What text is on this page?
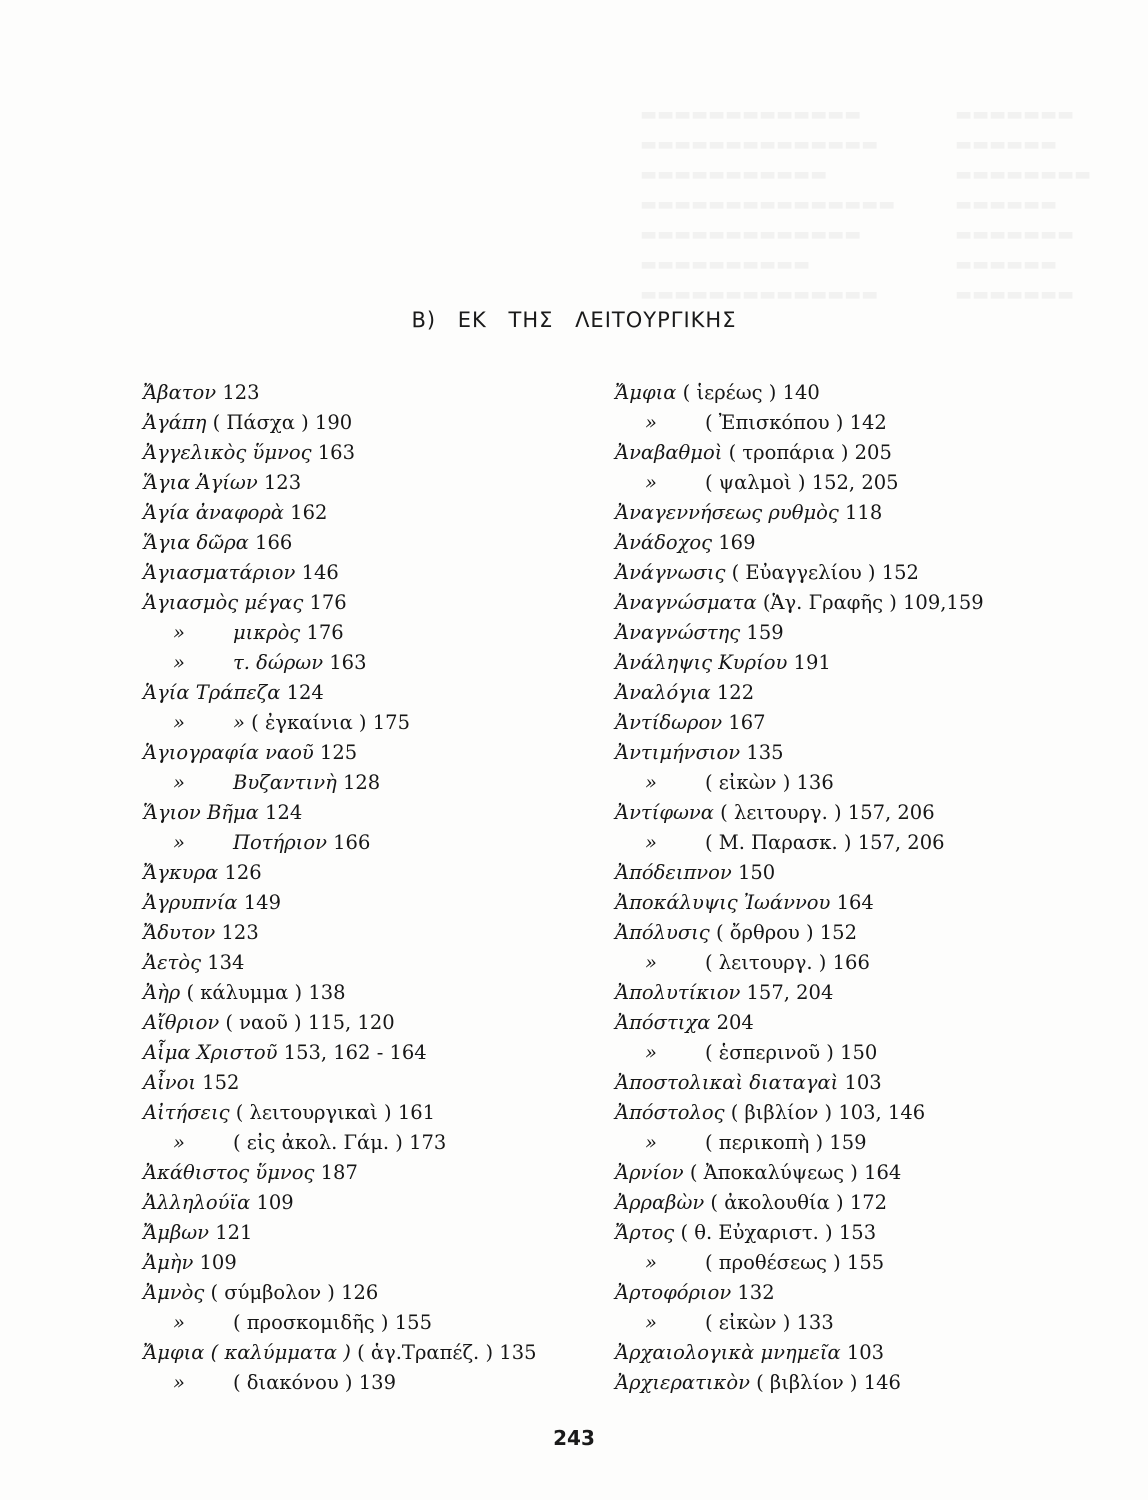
▬▬▬▬▬▬▬▬▬▬▬▬▬
▬▬▬▬▬▬▬▬▬▬▬▬▬▬
▬▬▬▬▬▬▬▬▬▬▬
▬▬▬▬▬▬▬▬▬▬▬▬▬▬▬
▬▬▬▬▬▬▬▬▬▬▬▬▬
▬▬▬▬▬▬▬▬▬▬
▬▬▬▬▬▬▬▬▬▬▬▬▬▬
▬▬▬▬▬▬▬
▬▬▬▬▬▬
▬▬▬▬▬▬▬▬
▬▬▬▬▬▬
▬▬▬▬▬▬▬
▬▬▬▬▬▬
▬▬▬▬▬▬▬
Β) ΕΚ ΤΗΣ ΛΕΙΤΟΥΡΓΙΚΗΣ
Ἄβατον 123
Ἀγάπη ( Πάσχα ) 190
Ἀγγελικὸς ὕμνος 163
Ἅγια Ἁγίων 123
Ἁγία ἀναφορὰ 162
Ἅγια δῶρα 166
Ἁγιασματάριον 146
Ἁγιασμὸς μέγας 176
» μικρὸς 176
» τ. δώρων 163
Ἁγία Τράπεζα 124
» » ( ἐγκαίνια ) 175
Ἁγιογραφία ναοῦ 125
» Βυζαντινὴ 128
Ἅγιον Βῆμα 124
» Ποτήριον 166
Ἄγκυρα 126
Ἀγρυπνία 149
Ἄδυτον 123
Ἀετὸς 134
Ἀὴρ ( κάλυμμα ) 138
Αἴθριον ( ναοῦ ) 115, 120
Αἷμα Χριστοῦ 153, 162 - 164
Αἶνοι 152
Αἰτήσεις ( λειτουργικαὶ ) 161
» ( εἰς ἀκολ. Γάμ. ) 173
Ἀκάθιστος ὕμνος 187
Ἀλληλούϊα 109
Ἄμβων 121
Ἀμὴν 109
Ἀμνὸς ( σύμβολον ) 126
» ( προσκομιδῆς ) 155
Ἄμφια ( καλύμματα ) ( ἁγ.Τραπέζ. ) 135
» ( διακόνου ) 139
Ἄμφια ( ἱερέως ) 140
» ( Ἐπισκόπου ) 142
Ἀναβαθμοὶ ( τροπάρια ) 205
» ( ψαλμοὶ ) 152, 205
Ἀναγεννήσεως ρυθμὸς 118
Ἀνάδοχος 169
Ἀνάγνωσις ( Εὐαγγελίου ) 152
Ἀναγνώσματα (Ἁγ. Γραφῆς ) 109,159
Ἀναγνώστης 159
Ἀνάληψις Κυρίου 191
Ἀναλόγια 122
Ἀντίδωρον 167
Ἀντιμήνσιον 135
» ( εἰκὼν ) 136
Ἀντίφωνα ( λειτουργ. ) 157, 206
» ( Μ. Παρασκ. ) 157, 206
Ἀπόδειπνον 150
Ἀποκάλυψις Ἰωάννου 164
Ἀπόλυσις ( ὄρθρου ) 152
» ( λειτουργ. ) 166
Ἀπολυτίκιον 157, 204
Ἀπόστιχα 204
» ( ἑσπερινοῦ ) 150
Ἀποστολικαὶ διαταγαὶ 103
Ἀπόστολος ( βιβλίον ) 103, 146
» ( περικοπὴ ) 159
Ἀρνίον ( Ἀποκαλύψεως ) 164
Ἀρραβὼν ( ἀκολουθία ) 172
Ἄρτος ( θ. Εὐχαριστ. ) 153
» ( προθέσεως ) 155
Ἀρτοφόριον 132
» ( εἰκὼν ) 133
Ἀρχαιολογικὰ μνημεῖα 103
Ἀρχιερατικὸν ( βιβλίον ) 146
243
